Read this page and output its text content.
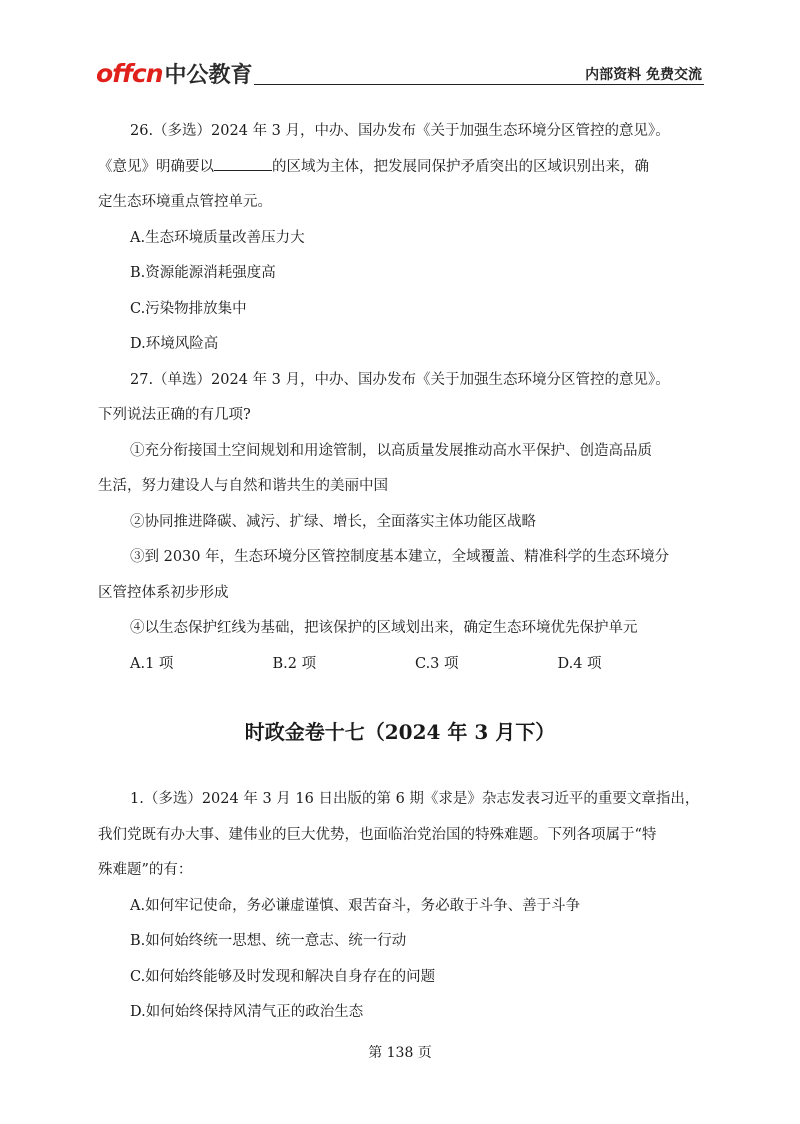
offcn中公教育	内部资料 免费交流

26.（多选）2024 年 3 月，中办、国办发布《关于加强生态环境分区管控的意见》。

《意见》明确要以	的区域为主体，把发展同保护矛盾突出的区域识别出来，确

定生态环境重点管控单元。

A.生态环境质量改善压力大

B.资源能源消耗强度高

C.污染物排放集中

D.环境风险高

27.（单选）2024 年 3 月，中办、国办发布《关于加强生态环境分区管控的意见》。

下列说法正确的有几项?

①充分衔接国土空间规划和用途管制，以高质量发展推动高水平保护、创造高品质

生活，努力建设人与自然和谐共生的美丽中国

②协同推进降碳、减污、扩绿、增长，全面落实主体功能区战略

③到 2030 年，生态环境分区管控制度基本建立，全域覆盖、精准科学的生态环境分

区管控体系初步形成

④以生态保护红线为基础，把该保护的区域划出来，确定生态环境优先保护单元

A.1 项	B.2 项	C.3 项	D.4 项
时政金卷十七（2024 年 3 月下）

1.（多选）2024 年 3 月 16 日出版的第 6 期《求是》杂志发表习近平的重要文章指出，

我们党既有办大事、建伟业的巨大优势，也面临治党治国的特殊难题。下列各项属于“特

殊难题”的有：

A.如何牢记使命，务必谦虚谨慎、艰苦奋斗，务必敢于斗争、善于斗争

B.如何始终统一思想、统一意志、统一行动

C.如何始终能够及时发现和解决自身存在的问题

D.如何始终保持风清气正的政治生态

第 138 页
